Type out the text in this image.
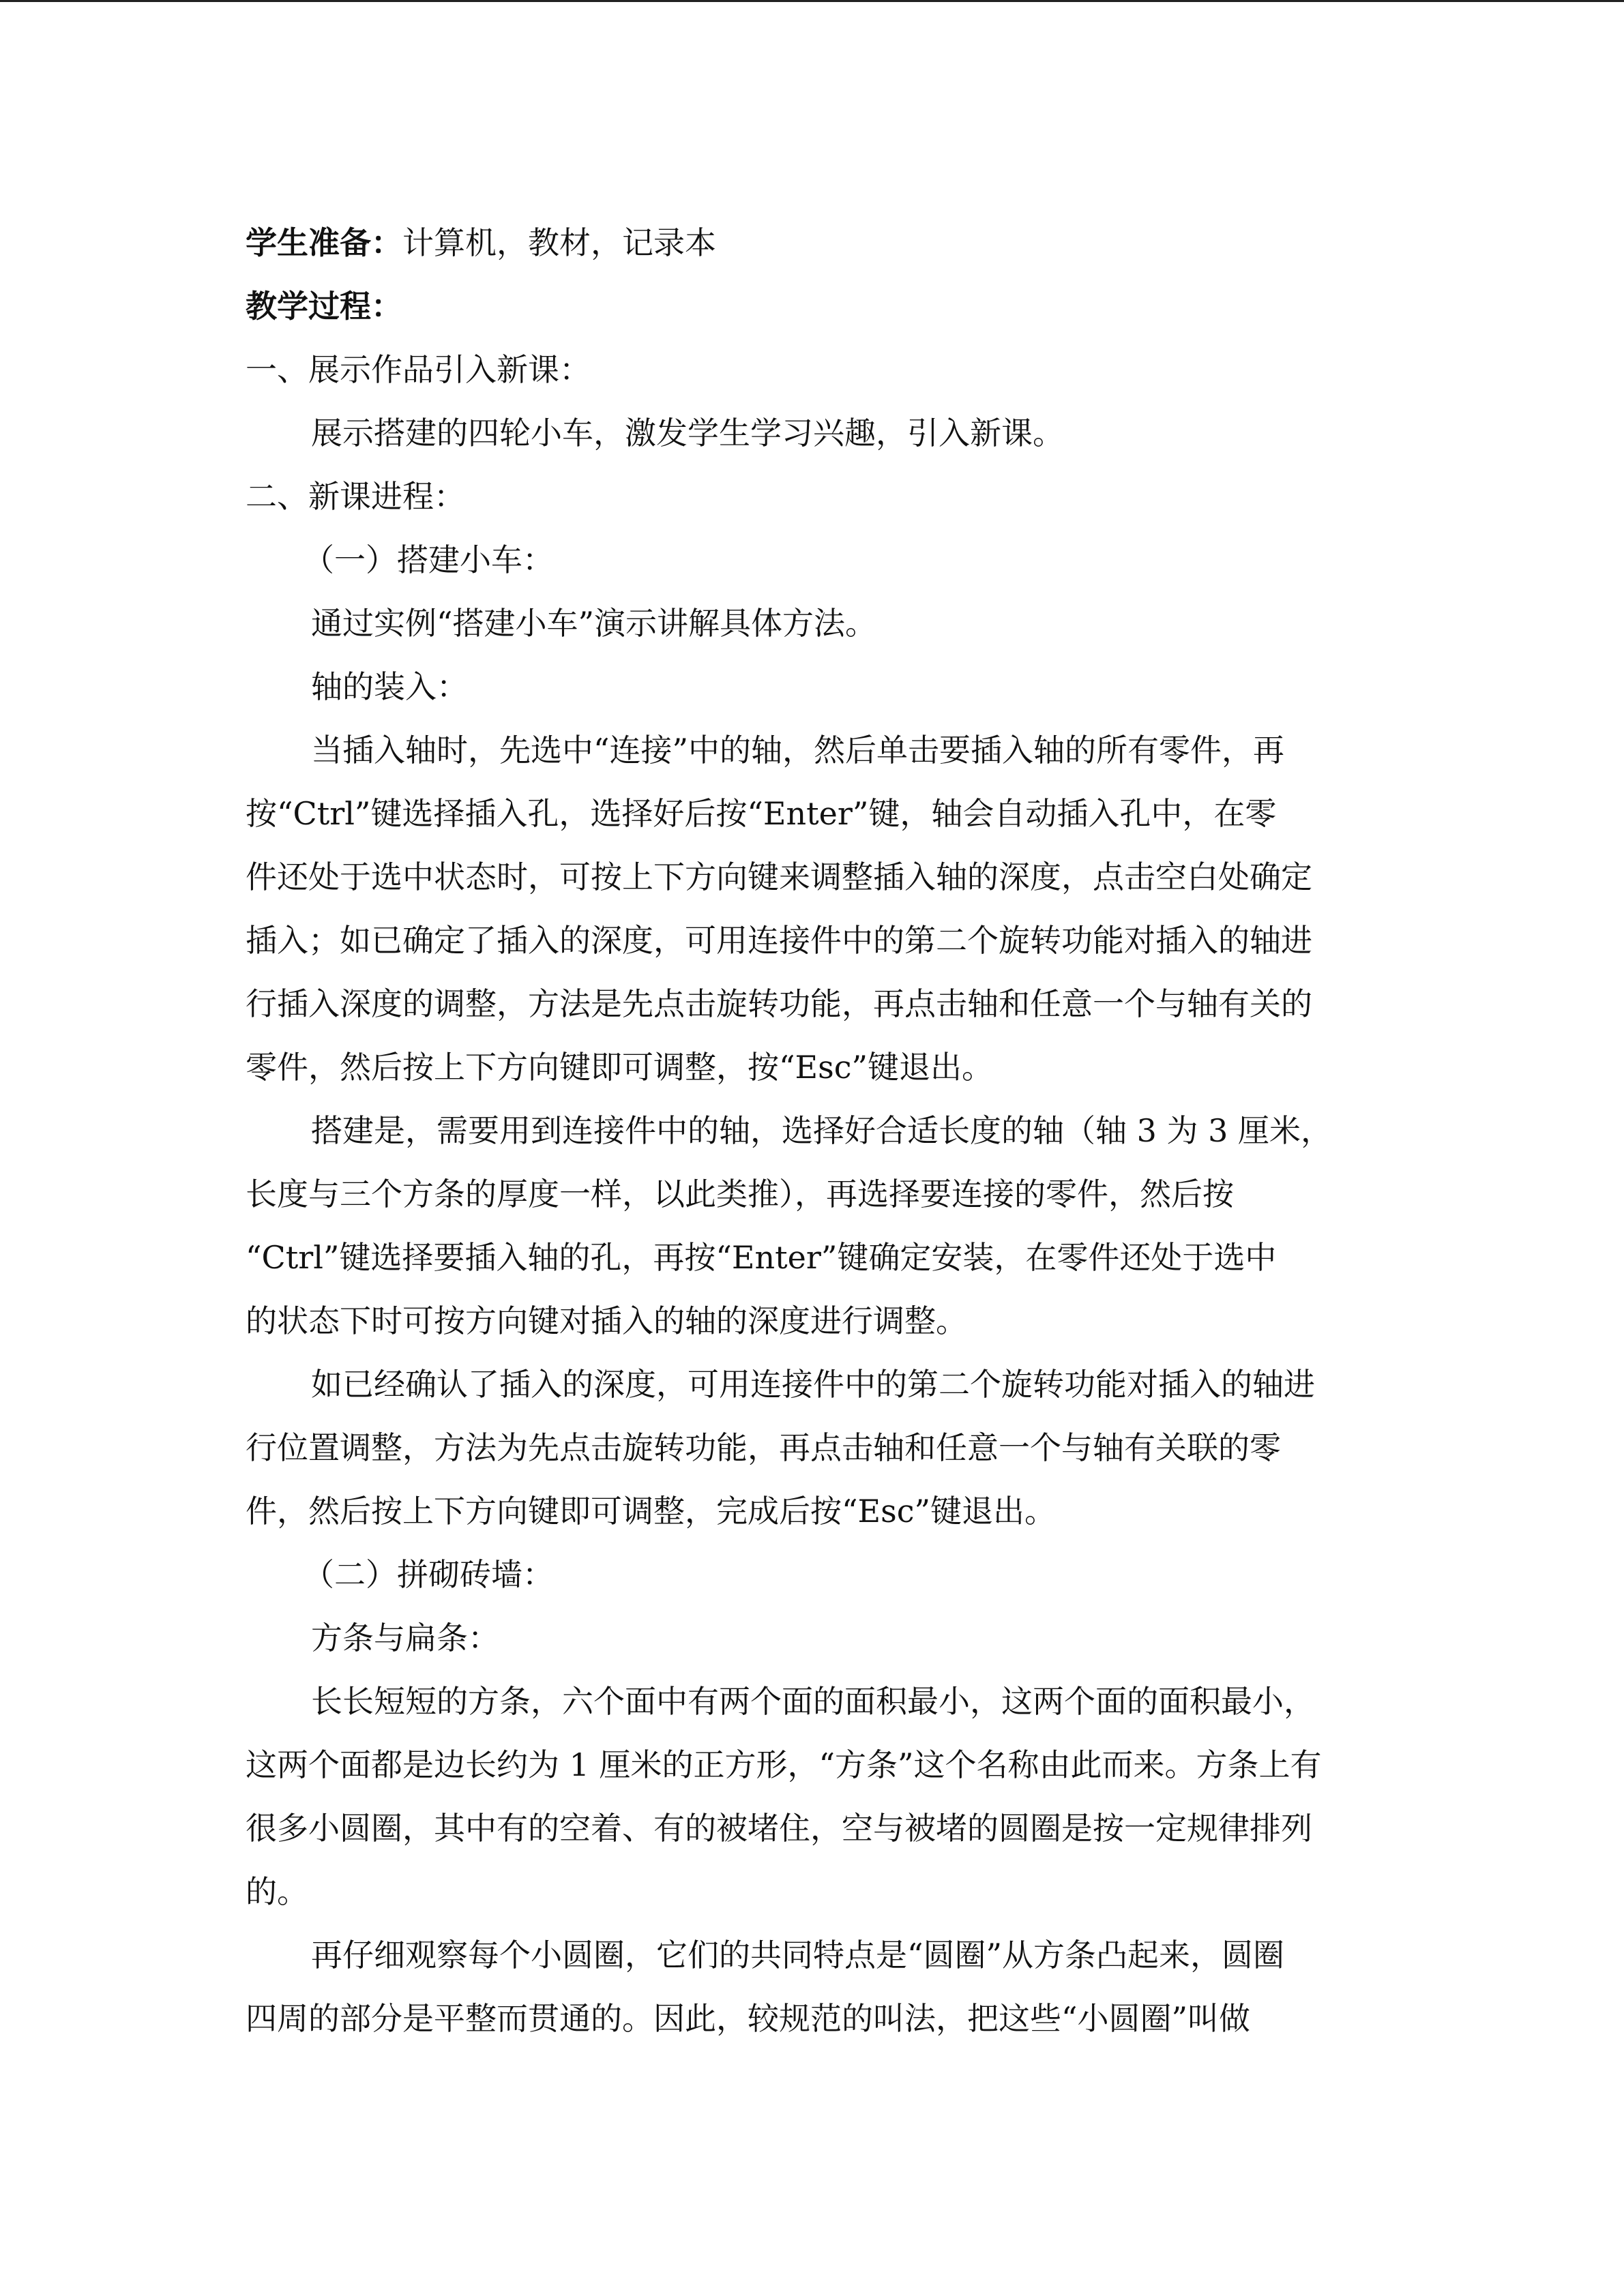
学生准备：计算机，教材，记录本
教学过程：
一、展示作品引入新课：
展示搭建的四轮小车，激发学生学习兴趣，引入新课。
二、新课进程：
（一）搭建小车：
通过实例“搭建小车”演示讲解具体方法。
轴的装入：
当插入轴时，先选中“连接”中的轴，然后单击要插入轴的所有零件，再
按“Ctrl”键选择插入孔，选择好后按“Enter”键，轴会自动插入孔中，在零
件还处于选中状态时，可按上下方向键来调整插入轴的深度，点击空白处确定
插入；如已确定了插入的深度，可用连接件中的第二个旋转功能对插入的轴进
行插入深度的调整，方法是先点击旋转功能，再点击轴和任意一个与轴有关的
零件，然后按上下方向键即可调整，按“Esc”键退出。
搭建是，需要用到连接件中的轴，选择好合适长度的轴（轴 3 为 3 厘米，
长度与三个方条的厚度一样，以此类推），再选择要连接的零件，然后按
“Ctrl”键选择要插入轴的孔，再按“Enter”键确定安装，在零件还处于选中
的状态下时可按方向键对插入的轴的深度进行调整。
如已经确认了插入的深度，可用连接件中的第二个旋转功能对插入的轴进
行位置调整，方法为先点击旋转功能，再点击轴和任意一个与轴有关联的零
件，然后按上下方向键即可调整，完成后按“Esc”键退出。
（二）拼砌砖墙：
方条与扁条：
长长短短的方条，六个面中有两个面的面积最小，这两个面的面积最小，
这两个面都是边长约为 1 厘米的正方形，“方条”这个名称由此而来。方条上有
很多小圆圈，其中有的空着、有的被堵住，空与被堵的圆圈是按一定规律排列
的。
再仔细观察每个小圆圈，它们的共同特点是“圆圈”从方条凸起来，圆圈
四周的部分是平整而贯通的。因此，较规范的叫法，把这些“小圆圈”叫做
